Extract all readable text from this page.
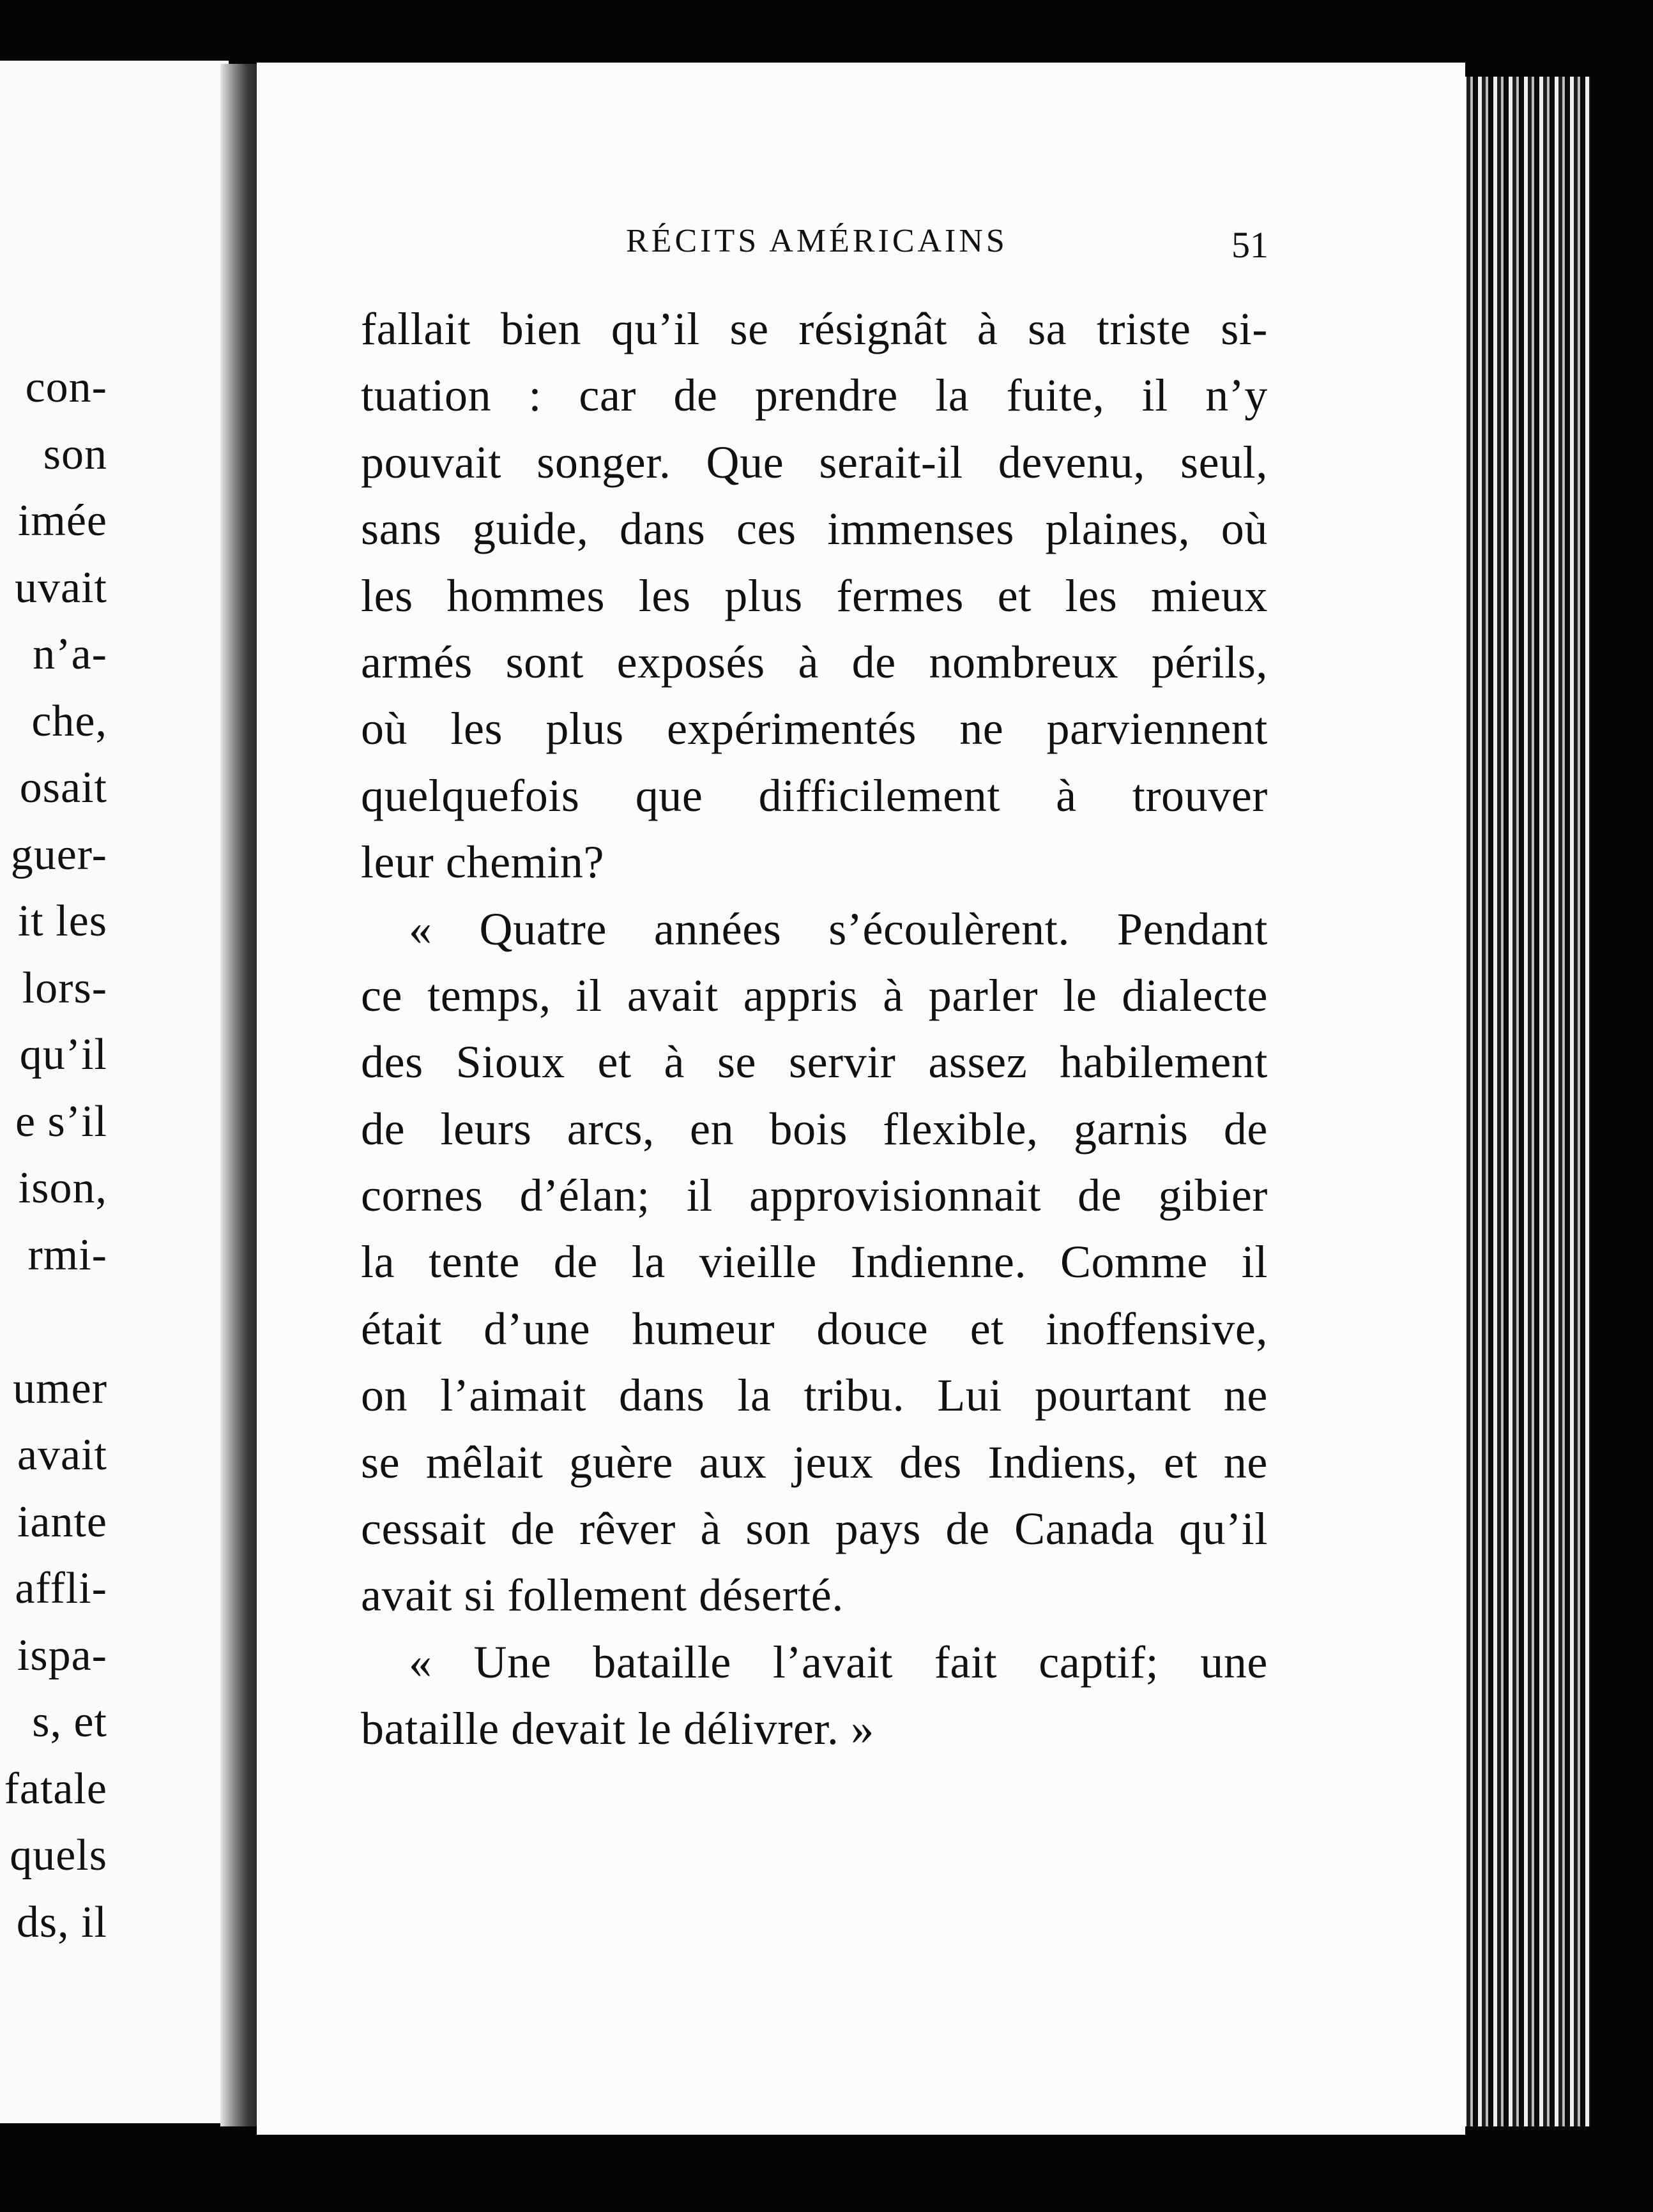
con-
son
imée
uvait
n’a-
che,
osait
guer-
it les
lors-
qu’il
e s’il
ison,
rmi-
umer
avait
iante
affli-
ispa-
s, et
fatale
quels
ds, il
RÉCITS AMÉRICAINS	51
fallait bien qu’il se résignât à sa triste si-
tuation : car de prendre la fuite, il n’y
pouvait songer. Que serait-il devenu, seul,
sans guide, dans ces immenses plaines, où
les hommes les plus fermes et les mieux
armés sont exposés à de nombreux périls,
où les plus expérimentés ne parviennent
quelquefois que difficilement à trouver
leur chemin?
« Quatre années s’écoulèrent. Pendant
ce temps, il avait appris à parler le dialecte
des Sioux et à se servir assez habilement
de leurs arcs, en bois flexible, garnis de
cornes d’élan; il approvisionnait de gibier
la tente de la vieille Indienne. Comme il
était d’une humeur douce et inoffensive,
on l’aimait dans la tribu. Lui pourtant ne
se mêlait guère aux jeux des Indiens, et ne
cessait de rêver à son pays de Canada qu’il
avait si follement déserté.
« Une bataille l’avait fait captif; une
bataille devait le délivrer. »
